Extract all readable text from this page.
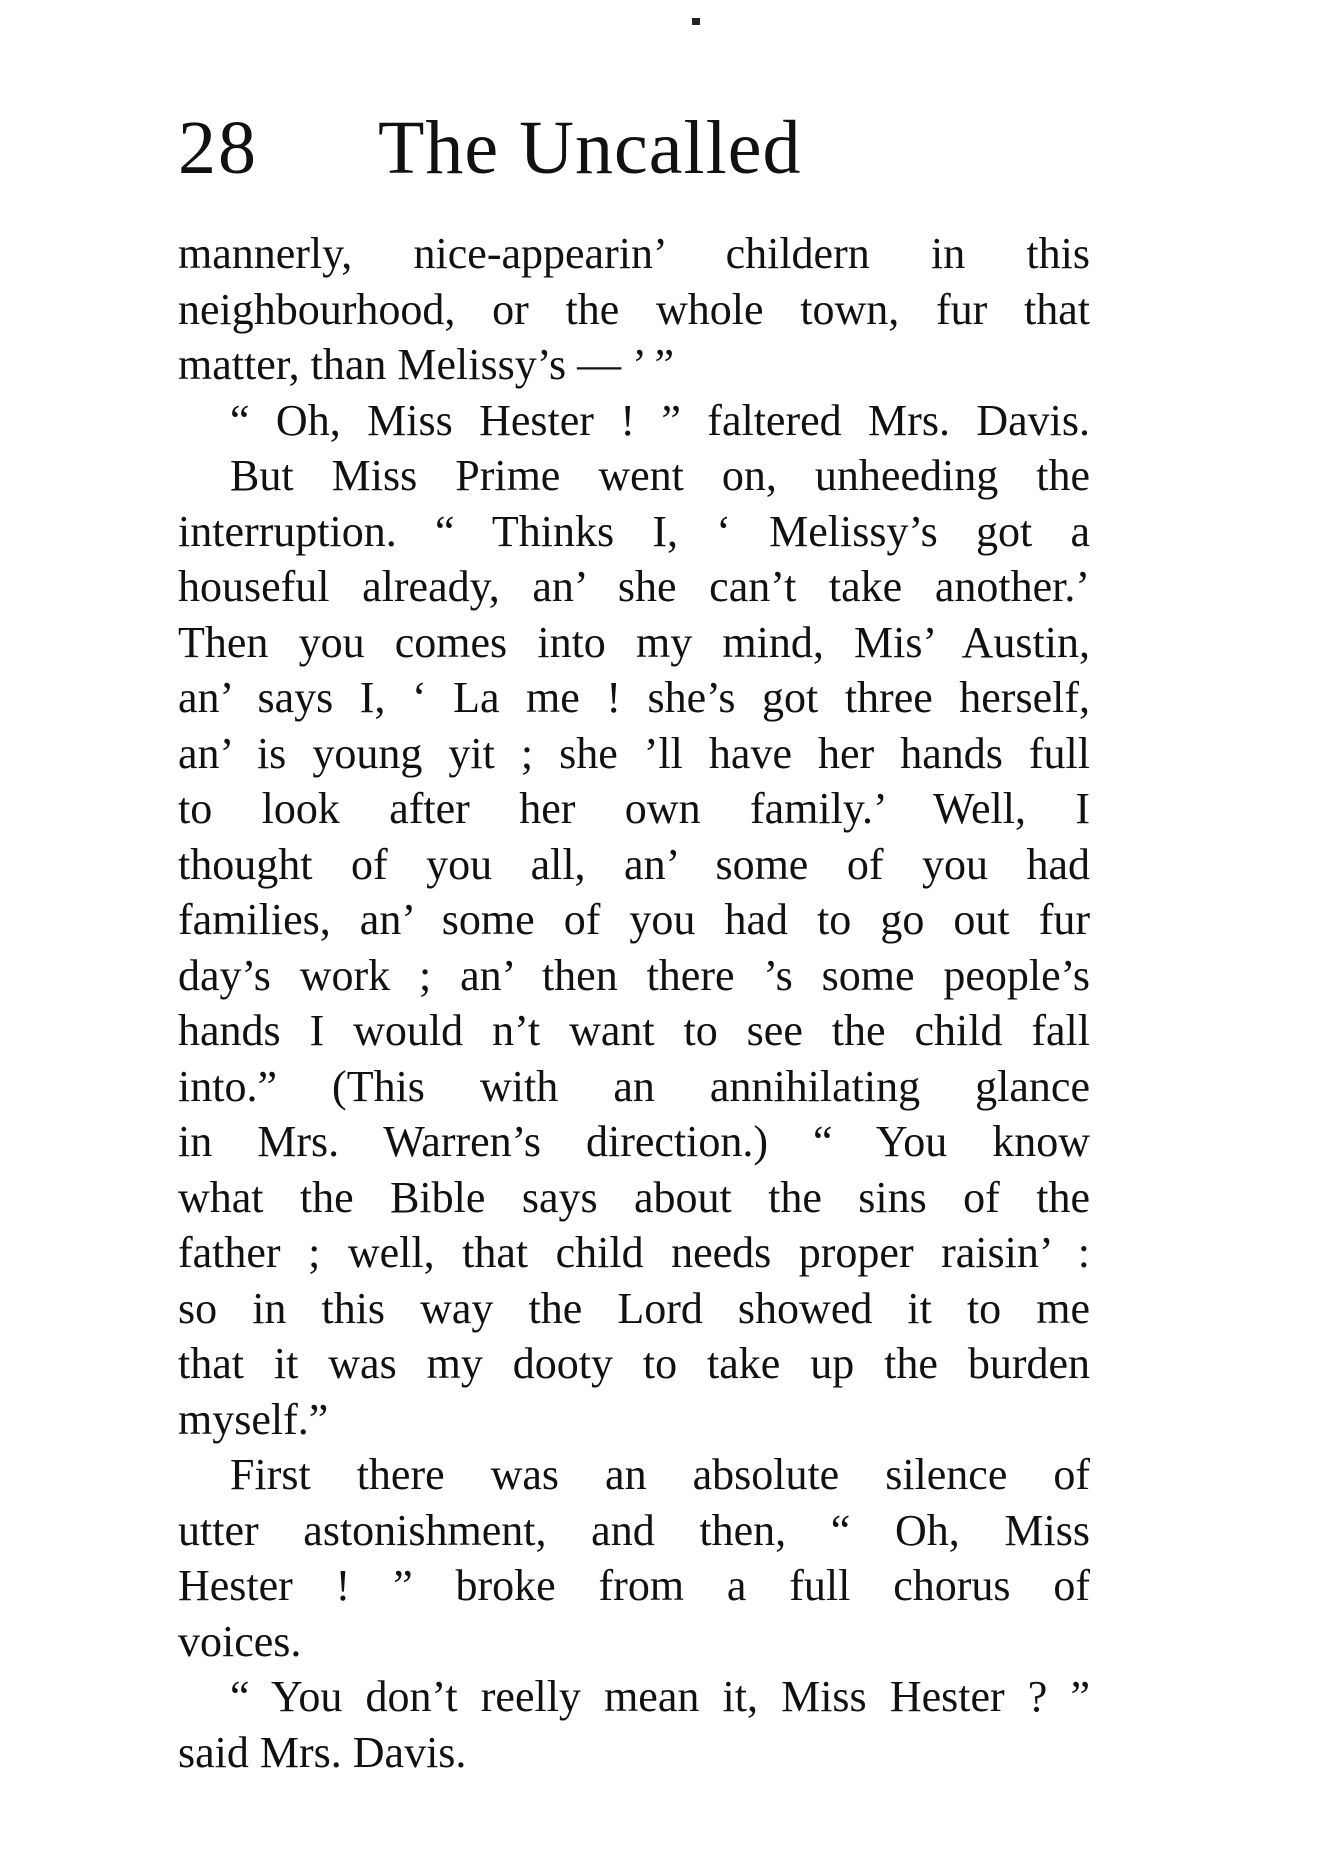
28 The Uncalled
mannerly, nice-appearin’ childern in this
neighbourhood, or the whole town, fur that
matter, than Melissy’s — ’ ”
“ Oh, Miss Hester ! ” faltered Mrs. Davis.
But Miss Prime went on, unheeding the
interruption. “ Thinks I, ‘ Melissy’s got a
houseful already, an’ she can’t take another.’
Then you comes into my mind, Mis’ Austin,
an’ says I, ‘ La me ! she’s got three herself,
an’ is young yit ; she ’ll have her hands full
to look after her own family.’ Well, I
thought of you all, an’ some of you had
families, an’ some of you had to go out fur
day’s work ; an’ then there ’s some people’s
hands I would n’t want to see the child fall
into.” (This with an annihilating glance
in Mrs. Warren’s direction.) “ You know
what the Bible says about the sins of the
father ; well, that child needs proper raisin’ :
so in this way the Lord showed it to me
that it was my dooty to take up the burden
myself.”
First there was an absolute silence of
utter astonishment, and then, “ Oh, Miss
Hester ! ” broke from a full chorus of
voices.
“ You don’t reelly mean it, Miss Hester ? ”
said Mrs. Davis.
